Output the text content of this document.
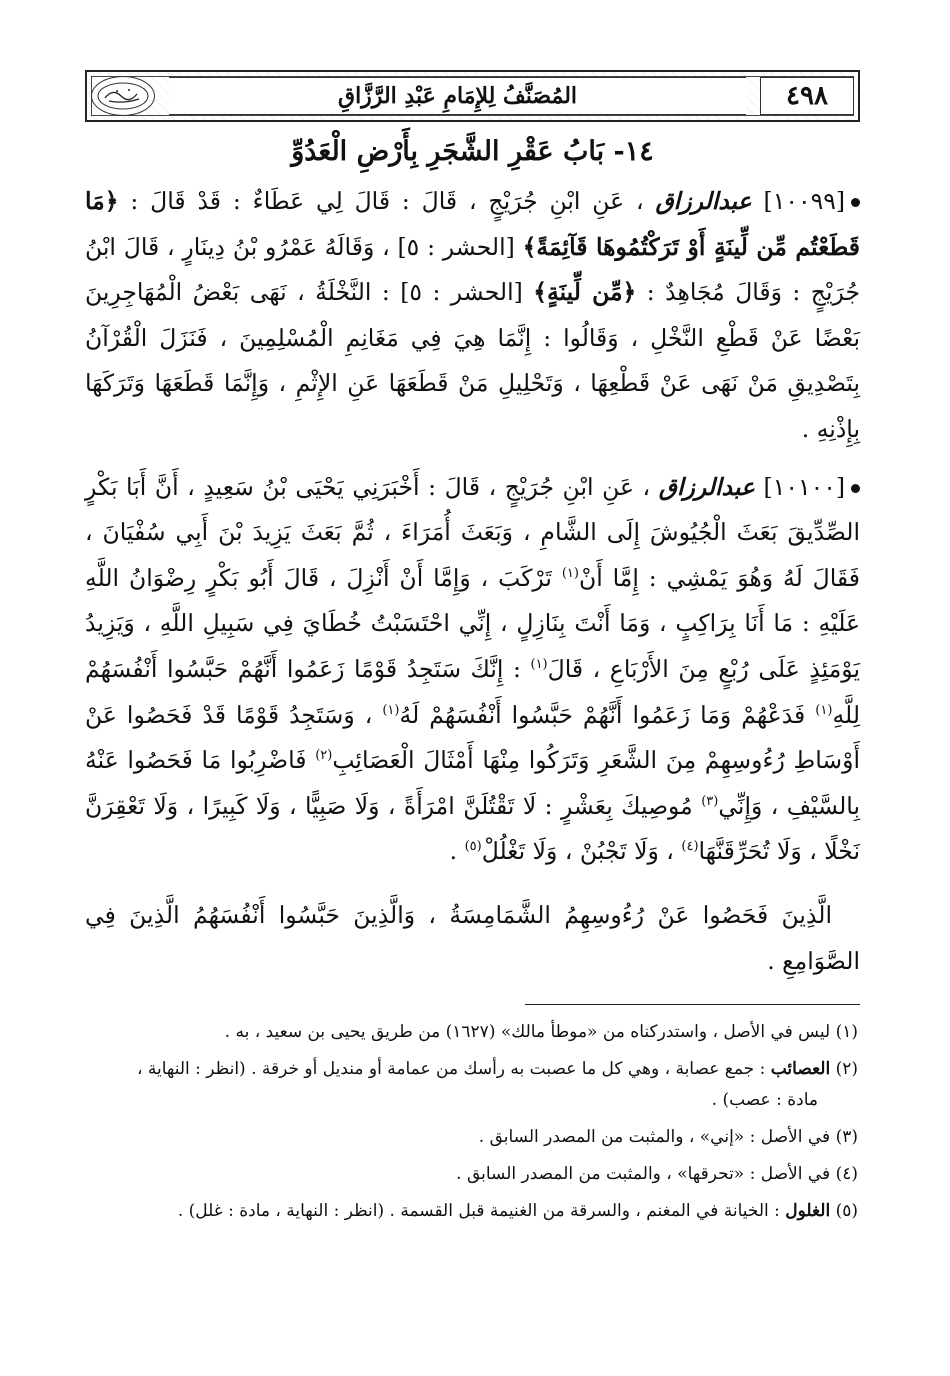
٤٩٨
المُصَنَّفُ لِلإِمَامِ عَبْدِ الرَّزَّاقِ
١٤- بَابُ عَقْرِ الشَّجَرِ بِأَرْضِ الْعَدُوِّ

[١٠٠٩٩] عبدالرزاق ، عَنِ ابْنِ جُرَيْجٍ ، قَالَ : قَالَ لِي عَطَاءٌ : قَدْ قَالَ : ﴿مَا قَطَعْتُم مِّن لِّينَةٍ أَوْ تَرَكْتُمُوهَا قَآئِمَةً﴾ [الحشر : ٥] ، وَقَالَهُ عَمْرُو بْنُ دِينَارٍ ، قَالَ ابْنُ جُرَيْجٍ : وَقَالَ مُجَاهِدٌ : ﴿مِّن لِّينَةٍ﴾ [الحشر : ٥] : النَّخْلَةُ ، نَهَى بَعْضُ الْمُهَاجِرِينَ بَعْضًا عَنْ قَطْعِ النَّخْلِ ، وَقَالُوا : إِنَّمَا هِيَ فِي مَغَانِمِ الْمُسْلِمِينَ ، فَنَزَلَ الْقُرْآنُ بِتَصْدِيقِ مَنْ نَهَى عَنْ قَطْعِهَا ، وَتَحْلِيلِ مَنْ قَطَعَهَا عَنِ الإِثْمِ ، وَإِنَّمَا قَطَعَهَا وَتَرَكَهَا بِإِذْنِهِ .

[١٠١٠٠] عبدالرزاق ، عَنِ ابْنِ جُرَيْجٍ ، قَالَ : أَخْبَرَنِي يَحْيَى بْنُ سَعِيدٍ ، أَنَّ أَبَا بَكْرٍ الصِّدِّيقَ بَعَثَ الْجُيُوشَ إِلَى الشَّامِ ، وَبَعَثَ أُمَرَاءَ ، ثُمَّ بَعَثَ يَزِيدَ بْنَ أَبِي سُفْيَانَ ، فَقَالَ لَهُ وَهُوَ يَمْشِي : إِمَّا أَنْ$^{(١)}$ تَرْكَبَ ، وَإِمَّا أَنْ أَنْزِلَ ، قَالَ أَبُو بَكْرٍ رِضْوَانُ اللَّهِ عَلَيْهِ : مَا أَنَا بِرَاكِبٍ ، وَمَا أَنْتَ بِنَازِلٍ ، إِنِّي احْتَسَبْتُ خُطَايَ فِي سَبِيلِ اللَّهِ ، وَيَزِيدُ يَوْمَئِذٍ عَلَى رُبْعٍ مِنَ الأَرْبَاعِ ، قَالَ$^{(١)}$ : إِنَّكَ سَتَجِدُ قَوْمًا زَعَمُوا أَنَّهُمْ حَبَّسُوا أَنْفُسَهُمْ لِلَّهِ$^{(١)}$ فَدَعْهُمْ وَمَا زَعَمُوا أَنَّهُمْ حَبَّسُوا أَنْفُسَهُمْ لَهُ$^{(١)}$ ، وَسَتَجِدُ قَوْمًا قَدْ فَحَصُوا عَنْ أَوْسَاطِ رُءُوسِهِمْ مِنَ الشَّعَرِ وَتَرَكُوا مِنْهَا أَمْثَالَ الْعَصَائِبِ$^{(٢)}$ فَاضْرِبُوا مَا فَحَصُوا عَنْهُ بِالسَّيْفِ ، وَإِنِّي$^{(٣)}$ مُوصِيكَ بِعَشْرٍ : لَا تَقْتُلَنَّ امْرَأَةً ، وَلَا صَبِيًّا ، وَلَا كَبِيرًا ، وَلَا تَعْقِرَنَّ نَخْلًا ، وَلَا تُحَرِّقَنَّهَا$^{(٤)}$ ، وَلَا تَجْبُنْ ، وَلَا تَغْلُلْ$^{(٥)}$ .

الَّذِينَ فَحَصُوا عَنْ رُءُوسِهِمُ الشَّمَامِسَةُ ، وَالَّذِينَ حَبَّسُوا أَنْفُسَهُمُ الَّذِينَ فِي الصَّوَامِعِ .

(١) ليس في الأصل ، واستدركناه من «موطأ مالك» (١٦٢٧) من طريق يحيى بن سعيد ، به .
(٢) العصائب : جمع عصابة ، وهي كل ما عصبت به رأسك من عمامة أو منديل أو خرقة . (انظر : النهاية ،
مادة : عصب) .
(٣) في الأصل : «إني» ، والمثبت من المصدر السابق .
(٤) في الأصل : «تحرقها» ، والمثبت من المصدر السابق .
(٥) الغلول : الخيانة في المغنم ، والسرقة من الغنيمة قبل القسمة . (انظر : النهاية ، مادة : غلل) .
